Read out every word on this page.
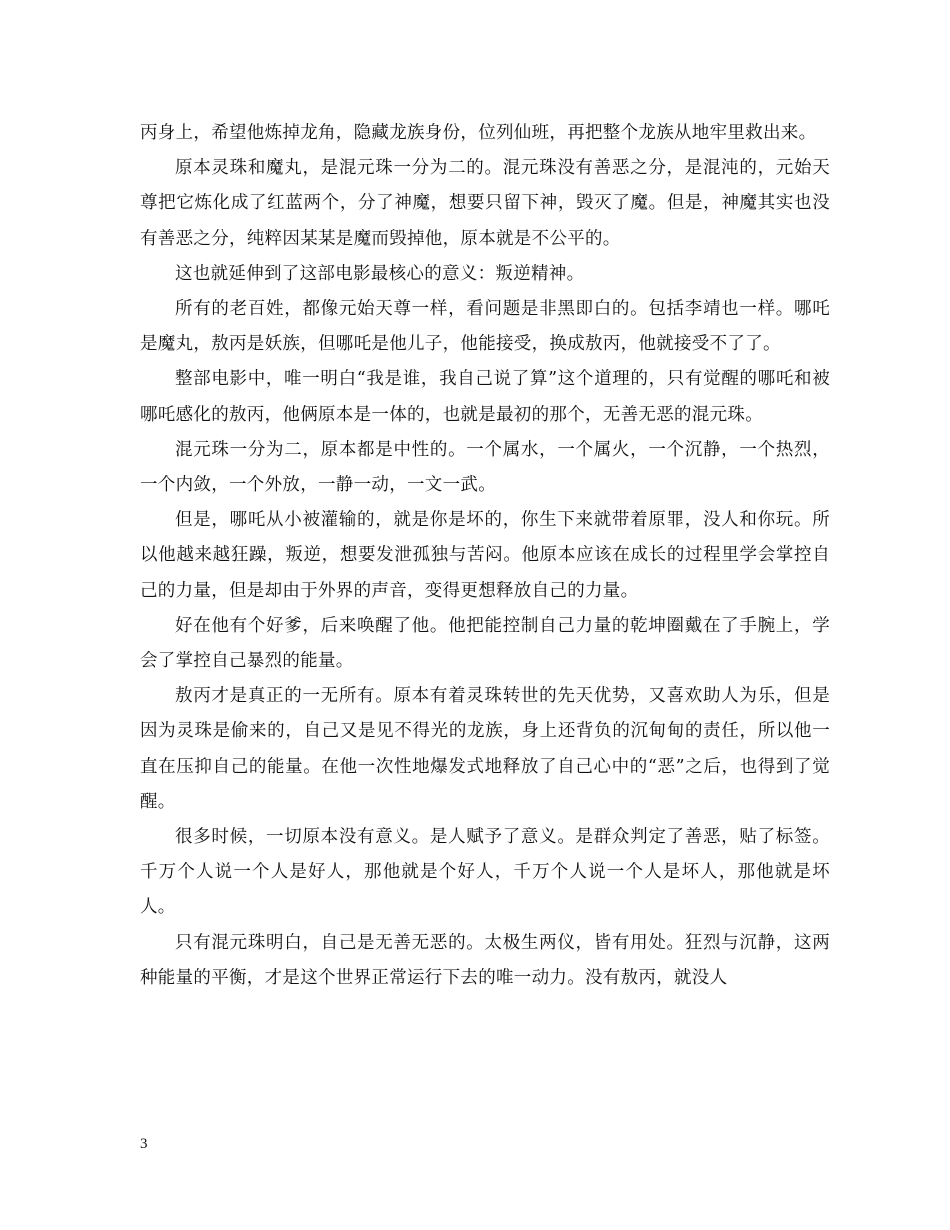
丙身上，希望他炼掉龙角，隐藏龙族身份，位列仙班，再把整个龙族从地牢里救出来。

原本灵珠和魔丸，是混元珠一分为二的。混元珠没有善恶之分，是混沌的，元始天尊把它炼化成了红蓝两个，分了神魔，想要只留下神，毁灭了魔。但是，神魔其实也没有善恶之分，纯粹因某某是魔而毁掉他，原本就是不公平的。

这也就延伸到了这部电影最核心的意义：叛逆精神。

所有的老百姓，都像元始天尊一样，看问题是非黑即白的。包括李靖也一样。哪吒是魔丸，敖丙是妖族，但哪吒是他儿子，他能接受，换成敖丙，他就接受不了了。

整部电影中，唯一明白“我是谁，我自己说了算”这个道理的，只有觉醒的哪吒和被哪吒感化的敖丙，他俩原本是一体的，也就是最初的那个，无善无恶的混元珠。

混元珠一分为二，原本都是中性的。一个属水，一个属火，一个沉静，一个热烈，一个内敛，一个外放，一静一动，一文一武。

但是，哪吒从小被灌输的，就是你是坏的，你生下来就带着原罪，没人和你玩。所以他越来越狂躁，叛逆，想要发泄孤独与苦闷。他原本应该在成长的过程里学会掌控自己的力量，但是却由于外界的声音，变得更想释放自己的力量。

好在他有个好爹，后来唤醒了他。他把能控制自己力量的乾坤圈戴在了手腕上，学会了掌控自己暴烈的能量。

敖丙才是真正的一无所有。原本有着灵珠转世的先天优势，又喜欢助人为乐，但是因为灵珠是偷来的，自己又是见不得光的龙族，身上还背负的沉甸甸的责任，所以他一直在压抑自己的能量。在他一次性地爆发式地释放了自己心中的“恶”之后，也得到了觉醒。

很多时候，一切原本没有意义。是人赋予了意义。是群众判定了善恶，贴了标签。千万个人说一个人是好人，那他就是个好人，千万个人说一个人是坏人，那他就是坏人。

只有混元珠明白，自己是无善无恶的。太极生两仪，皆有用处。狂烈与沉静，这两种能量的平衡，才是这个世界正常运行下去的唯一动力。没有敖丙，就没人

3
